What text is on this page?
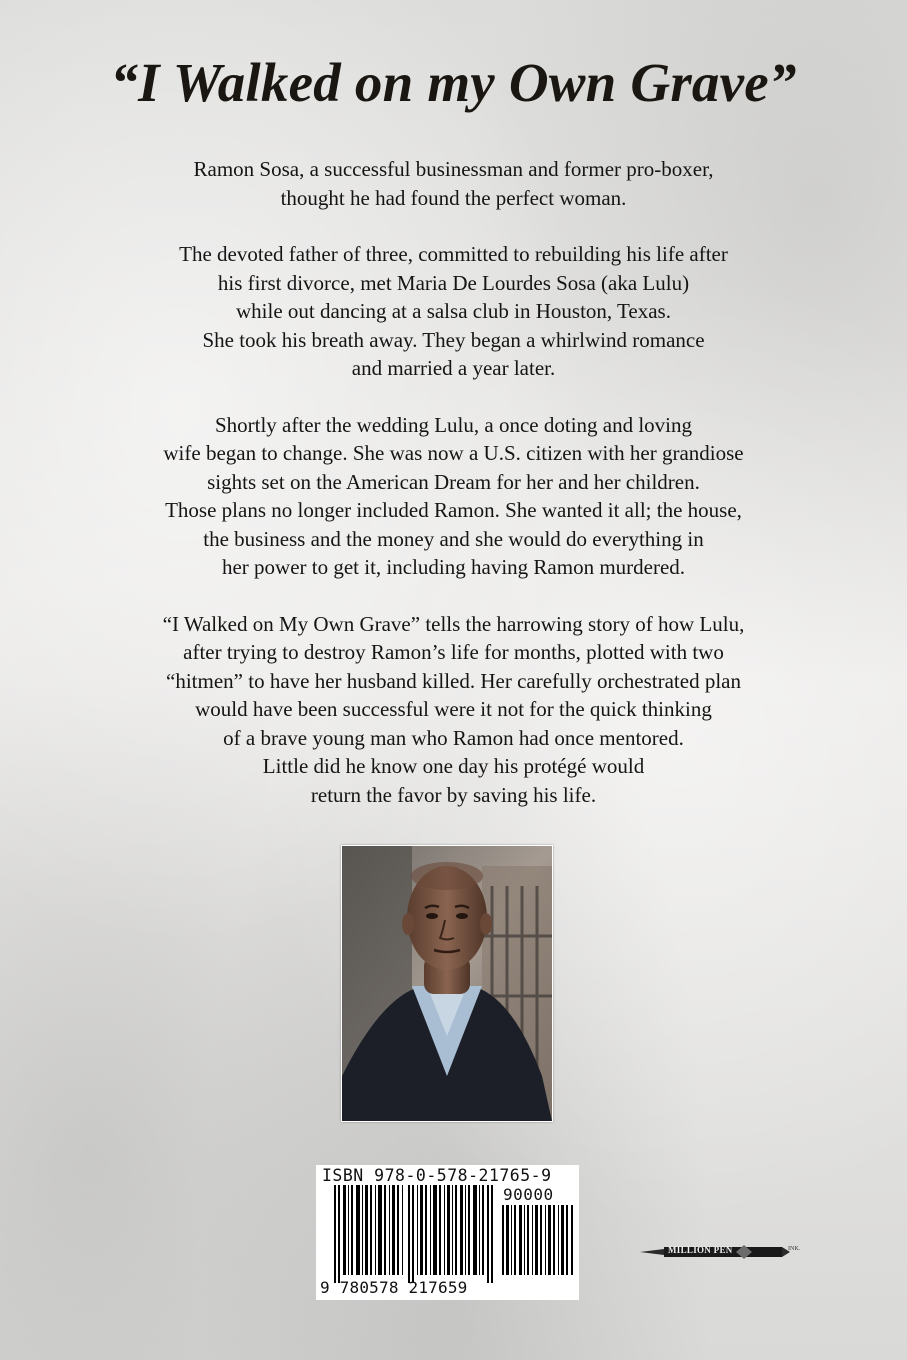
“I Walked on my Own Grave”

Ramon Sosa, a successful businessman and former pro-boxer,
thought he had found the perfect woman.

The devoted father of three, committed to rebuilding his life after
his first divorce, met Maria De Lourdes Sosa (aka Lulu)
while out dancing at a salsa club in Houston, Texas.
She took his breath away. They began a whirlwind romance
and married a year later.

Shortly after the wedding Lulu, a once doting and loving
wife began to change. She was now a U.S. citizen with her grandiose
sights set on the American Dream for her and her children.
Those plans no longer included Ramon. She wanted it all; the house,
the business and the money and she would do everything in
her power to get it, including having Ramon murdered.

“I Walked on My Own Grave” tells the harrowing story of how Lulu,
after trying to destroy Ramon’s life for months, plotted with two
“hitmen” to have her husband killed. Her carefully orchestrated plan
would have been successful were it not for the quick thinking
of a brave young man who Ramon had once mentored.
Little did he know one day his protégé would
return the favor by saving his life.

ISBN 978-0-578-21765-9

90000

9 780578 217659

MILLION PEN	INK.
